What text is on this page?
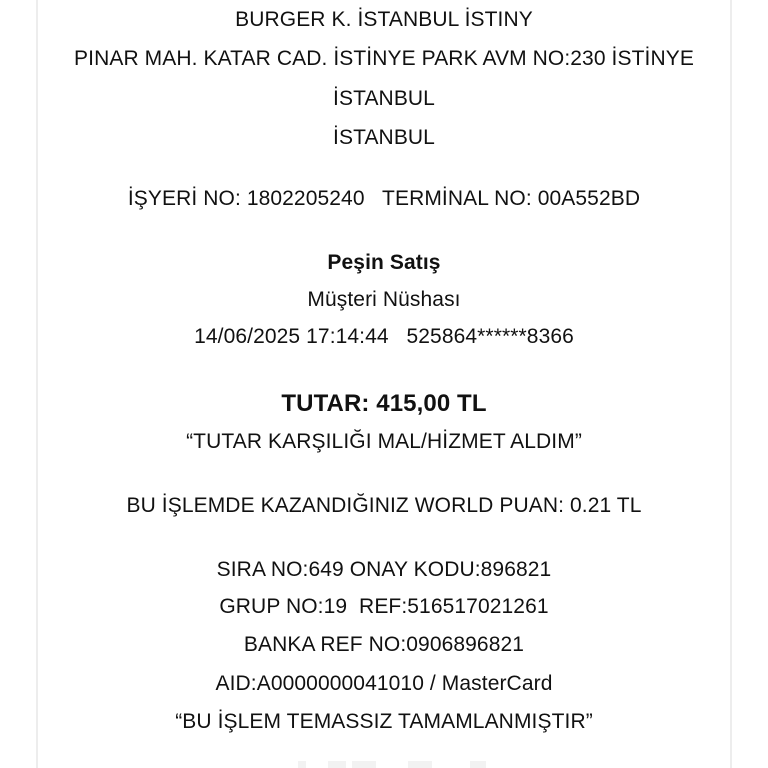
BURGER K. İSTANBUL İSTINY
PINAR MAH. KATAR CAD. İSTİNYE PARK AVM NO:230 İSTİNYE
İSTANBUL
İSTANBUL
İŞYERİ NO: 1802205240   TERMİNAL NO: 00A552BD
Peşin Satış
Müşteri Nüshası
14/06/2025 17:14:44   525864******8366
TUTAR: 415,00 TL
“TUTAR KARŞILIĞI MAL/HİZMET ALDIM”
BU İŞLEMDE KAZANDIĞINIZ WORLD PUAN: 0.21 TL
SIRA NO:649 ONAY KODU:896821
GRUP NO:19  REF:516517021261
BANKA REF NO:0906896821
AID:A0000000041010 / MasterCard
“BU İŞLEM TEMASSIZ TAMAMLANMIŞTIR”
